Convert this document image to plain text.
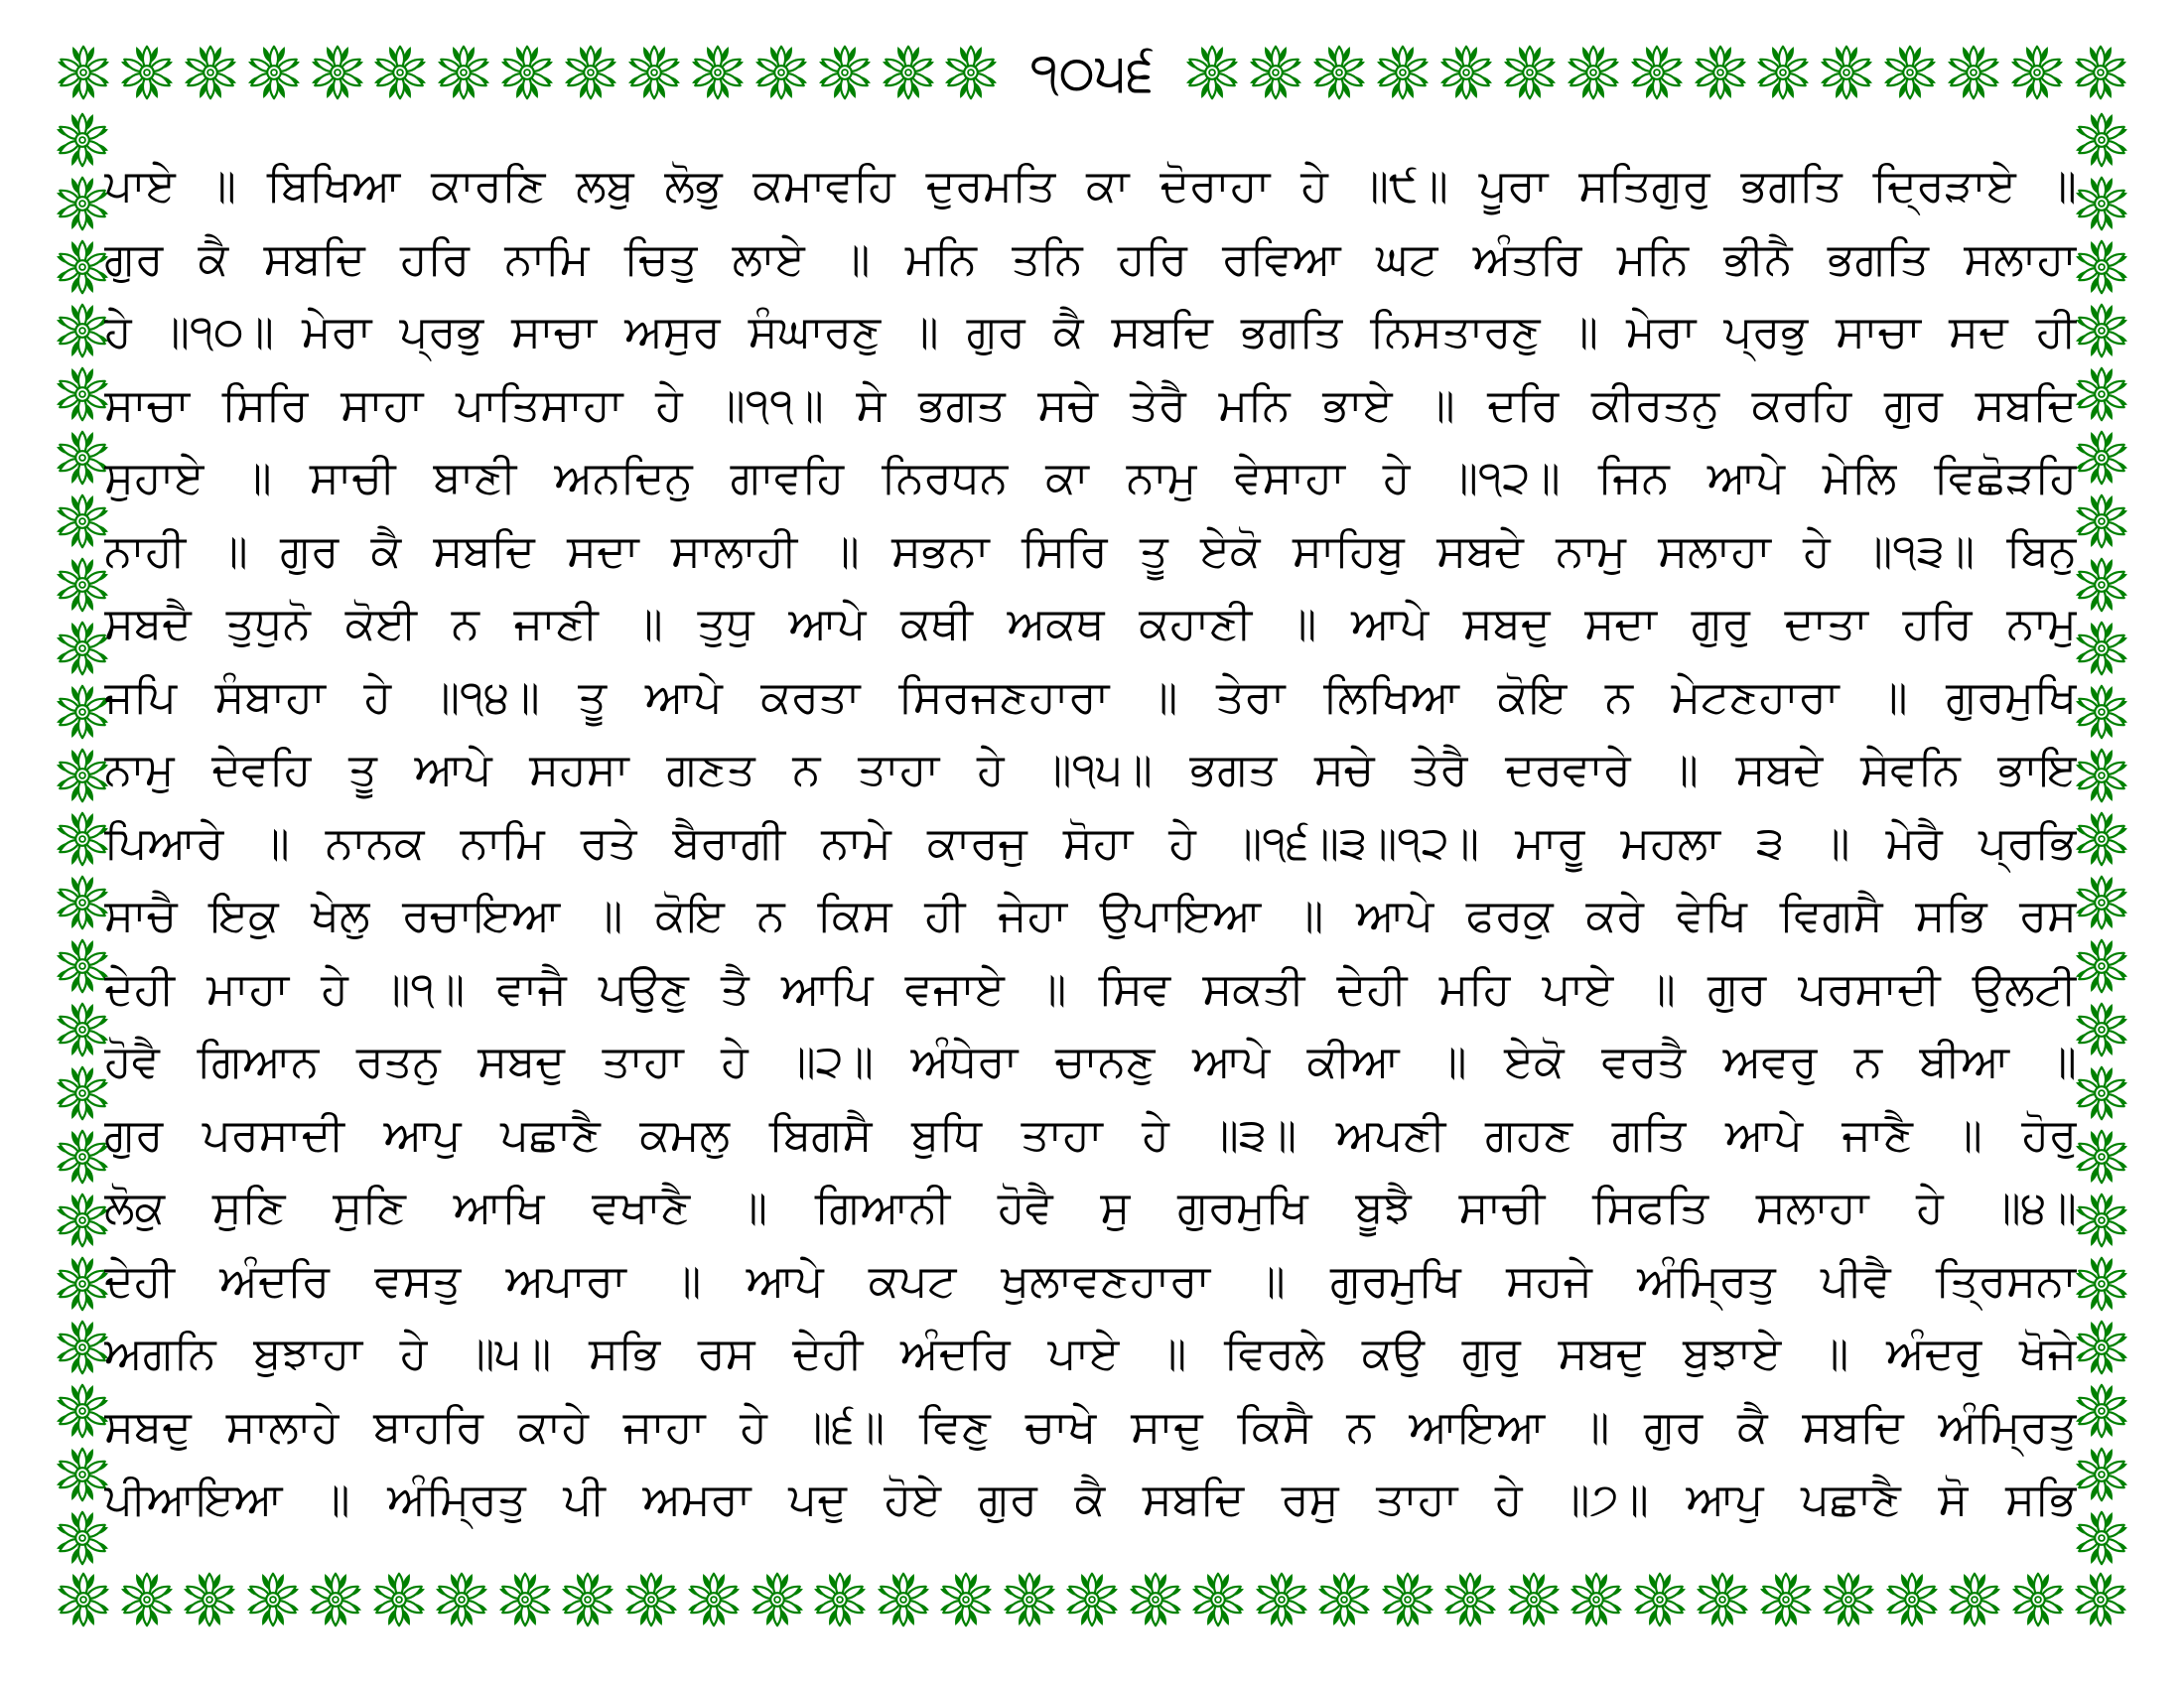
੧੦੫੬
ਪਾਏ ॥ ਬਿਖਿਆ ਕਾਰਣਿ ਲਬੁ ਲੋਭੁ ਕਮਾਵਹਿ ਦੁਰਮਤਿ ਕਾ ਦੋਰਾਹਾ ਹੇ ॥੯॥ ਪੂਰਾ ਸਤਿਗੁਰੁ ਭਗਤਿ ਦ੍ਰਿੜਾਏ ॥
ਗੁਰ ਕੈ ਸਬਦਿ ਹਰਿ ਨਾਮਿ ਚਿਤੁ ਲਾਏ ॥ ਮਨਿ ਤਨਿ ਹਰਿ ਰਵਿਆ ਘਟ ਅੰਤਰਿ ਮਨਿ ਭੀਨੈ ਭਗਤਿ ਸਲਾਹਾ
ਹੇ ॥੧੦॥ ਮੇਰਾ ਪ੍ਰਭੁ ਸਾਚਾ ਅਸੁਰ ਸੰਘਾਰਣੁ ॥ ਗੁਰ ਕੈ ਸਬਦਿ ਭਗਤਿ ਨਿਸਤਾਰਣੁ ॥ ਮੇਰਾ ਪ੍ਰਭੁ ਸਾਚਾ ਸਦ ਹੀ
ਸਾਚਾ ਸਿਰਿ ਸਾਹਾ ਪਾਤਿਸਾਹਾ ਹੇ ॥੧੧॥ ਸੇ ਭਗਤ ਸਚੇ ਤੇਰੈ ਮਨਿ ਭਾਏ ॥ ਦਰਿ ਕੀਰਤਨੁ ਕਰਹਿ ਗੁਰ ਸਬਦਿ
ਸੁਹਾਏ ॥ ਸਾਚੀ ਬਾਣੀ ਅਨਦਿਨੁ ਗਾਵਹਿ ਨਿਰਧਨ ਕਾ ਨਾਮੁ ਵੇਸਾਹਾ ਹੇ ॥੧੨॥ ਜਿਨ ਆਪੇ ਮੇਲਿ ਵਿਛੋੜਹਿ
ਨਾਹੀ ॥ ਗੁਰ ਕੈ ਸਬਦਿ ਸਦਾ ਸਾਲਾਹੀ ॥ ਸਭਨਾ ਸਿਰਿ ਤੂ ਏਕੋ ਸਾਹਿਬੁ ਸਬਦੇ ਨਾਮੁ ਸਲਾਹਾ ਹੇ ॥੧੩॥ ਬਿਨੁ
ਸਬਦੈ ਤੁਧੁਨੋ ਕੋਈ ਨ ਜਾਣੀ ॥ ਤੁਧੁ ਆਪੇ ਕਥੀ ਅਕਥ ਕਹਾਣੀ ॥ ਆਪੇ ਸਬਦੁ ਸਦਾ ਗੁਰੁ ਦਾਤਾ ਹਰਿ ਨਾਮੁ
ਜਪਿ ਸੰਬਾਹਾ ਹੇ ॥੧੪॥ ਤੂ ਆਪੇ ਕਰਤਾ ਸਿਰਜਣਹਾਰਾ ॥ ਤੇਰਾ ਲਿਖਿਆ ਕੋਇ ਨ ਮੇਟਣਹਾਰਾ ॥ ਗੁਰਮੁਖਿ
ਨਾਮੁ ਦੇਵਹਿ ਤੂ ਆਪੇ ਸਹਸਾ ਗਣਤ ਨ ਤਾਹਾ ਹੇ ॥੧੫॥ ਭਗਤ ਸਚੇ ਤੇਰੈ ਦਰਵਾਰੇ ॥ ਸਬਦੇ ਸੇਵਨਿ ਭਾਇ
ਪਿਆਰੇ ॥ ਨਾਨਕ ਨਾਮਿ ਰਤੇ ਬੈਰਾਗੀ ਨਾਮੇ ਕਾਰਜੁ ਸੋਹਾ ਹੇ ॥੧੬॥੩॥੧੨॥ ਮਾਰੂ ਮਹਲਾ ੩ ॥ ਮੇਰੈ ਪ੍ਰਭਿ
ਸਾਚੈ ਇਕੁ ਖੇਲੁ ਰਚਾਇਆ ॥ ਕੋਇ ਨ ਕਿਸ ਹੀ ਜੇਹਾ ਉਪਾਇਆ ॥ ਆਪੇ ਫਰਕੁ ਕਰੇ ਵੇਖਿ ਵਿਗਸੈ ਸਭਿ ਰਸ
ਦੇਹੀ ਮਾਹਾ ਹੇ ॥੧॥ ਵਾਜੈ ਪਉਣੁ ਤੈ ਆਪਿ ਵਜਾਏ ॥ ਸਿਵ ਸਕਤੀ ਦੇਹੀ ਮਹਿ ਪਾਏ ॥ ਗੁਰ ਪਰਸਾਦੀ ਉਲਟੀ
ਹੋਵੈ ਗਿਆਨ ਰਤਨੁ ਸਬਦੁ ਤਾਹਾ ਹੇ ॥੨॥ ਅੰਧੇਰਾ ਚਾਨਣੁ ਆਪੇ ਕੀਆ ॥ ਏਕੋ ਵਰਤੈ ਅਵਰੁ ਨ ਬੀਆ ॥
ਗੁਰ ਪਰਸਾਦੀ ਆਪੁ ਪਛਾਣੈ ਕਮਲੁ ਬਿਗਸੈ ਬੁਧਿ ਤਾਹਾ ਹੇ ॥੩॥ ਅਪਣੀ ਗਹਣ ਗਤਿ ਆਪੇ ਜਾਣੈ ॥ ਹੋਰੁ
ਲੋਕੁ ਸੁਣਿ ਸੁਣਿ ਆਖਿ ਵਖਾਣੈ ॥ ਗਿਆਨੀ ਹੋਵੈ ਸੁ ਗੁਰਮੁਖਿ ਬੂਝੈ ਸਾਚੀ ਸਿਫਤਿ ਸਲਾਹਾ ਹੇ ॥੪॥
ਦੇਹੀ ਅੰਦਰਿ ਵਸਤੁ ਅਪਾਰਾ ॥ ਆਪੇ ਕਪਟ ਖੁਲਾਵਣਹਾਰਾ ॥ ਗੁਰਮੁਖਿ ਸਹਜੇ ਅੰਮ੍ਰਿਤੁ ਪੀਵੈ ਤ੍ਰਿਸਨਾ
ਅਗਨਿ ਬੁਝਾਹਾ ਹੇ ॥੫॥ ਸਭਿ ਰਸ ਦੇਹੀ ਅੰਦਰਿ ਪਾਏ ॥ ਵਿਰਲੇ ਕਉ ਗੁਰੁ ਸਬਦੁ ਬੁਝਾਏ ॥ ਅੰਦਰੁ ਖੋਜੇ
ਸਬਦੁ ਸਾਲਾਹੇ ਬਾਹਰਿ ਕਾਹੇ ਜਾਹਾ ਹੇ ॥੬॥ ਵਿਣੁ ਚਾਖੇ ਸਾਦੁ ਕਿਸੈ ਨ ਆਇਆ ॥ ਗੁਰ ਕੈ ਸਬਦਿ ਅੰਮ੍ਰਿਤੁ
ਪੀਆਇਆ ॥ ਅੰਮ੍ਰਿਤੁ ਪੀ ਅਮਰਾ ਪਦੁ ਹੋਏ ਗੁਰ ਕੈ ਸਬਦਿ ਰਸੁ ਤਾਹਾ ਹੇ ॥੭॥ ਆਪੁ ਪਛਾਣੈ ਸੋ ਸਭਿ
